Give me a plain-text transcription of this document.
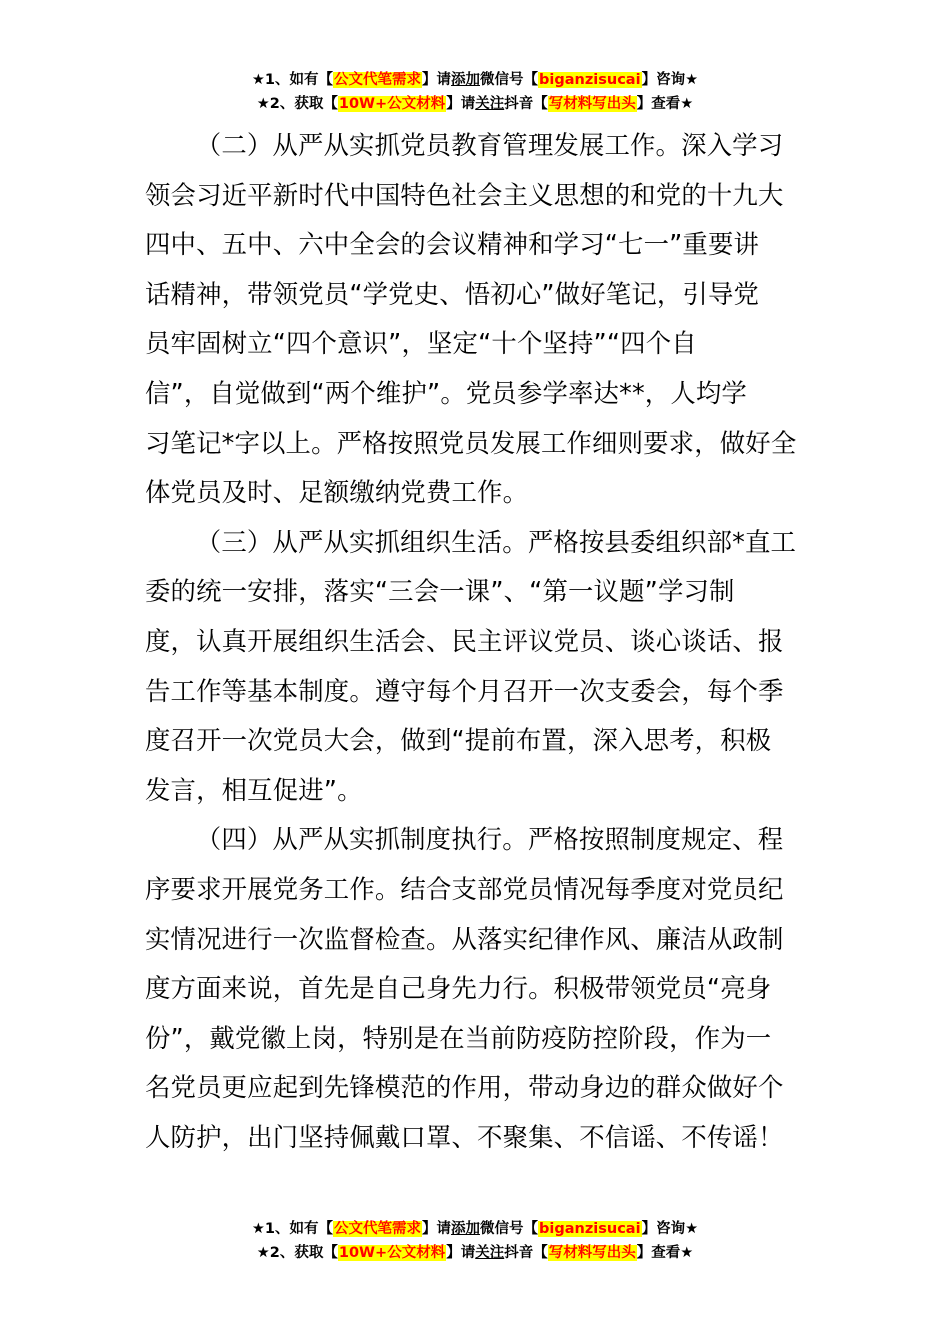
★1、如有【公文代笔需求】请添加微信号【biganzisucai】咨询★
★2、获取【10W+公文材料】请关注抖音【写材料写出头】查看★
（二）从严从实抓党员教育管理发展工作。深入学习
领会习近平新时代中国特色社会主义思想的和党的十九大
四中、五中、六中全会的会议精神和学习“七一”重要讲
话精神，带领党员“学党史、悟初心”做好笔记，引导党
员牢固树立“四个意识”，坚定“十个坚持”“四个自
信”，自觉做到“两个维护”。党员参学率达**，人均学
习笔记*字以上。严格按照党员发展工作细则要求，做好全
体党员及时、足额缴纳党费工作。
（三）从严从实抓组织生活。严格按县委组织部*直工
委的统一安排，落实“三会一课”、“第一议题”学习制
度，认真开展组织生活会、民主评议党员、谈心谈话、报
告工作等基本制度。遵守每个月召开一次支委会，每个季
度召开一次党员大会，做到“提前布置，深入思考，积极
发言，相互促进”。
（四）从严从实抓制度执行。严格按照制度规定、程
序要求开展党务工作。结合支部党员情况每季度对党员纪
实情况进行一次监督检查。从落实纪律作风、廉洁从政制
度方面来说，首先是自己身先力行。积极带领党员“亮身
份”，戴党徽上岗，特别是在当前防疫防控阶段，作为一
名党员更应起到先锋模范的作用，带动身边的群众做好个
人防护，出门坚持佩戴口罩、不聚集、不信谣、不传谣！
★1、如有【公文代笔需求】请添加微信号【biganzisucai】咨询★
★2、获取【10W+公文材料】请关注抖音【写材料写出头】查看★
